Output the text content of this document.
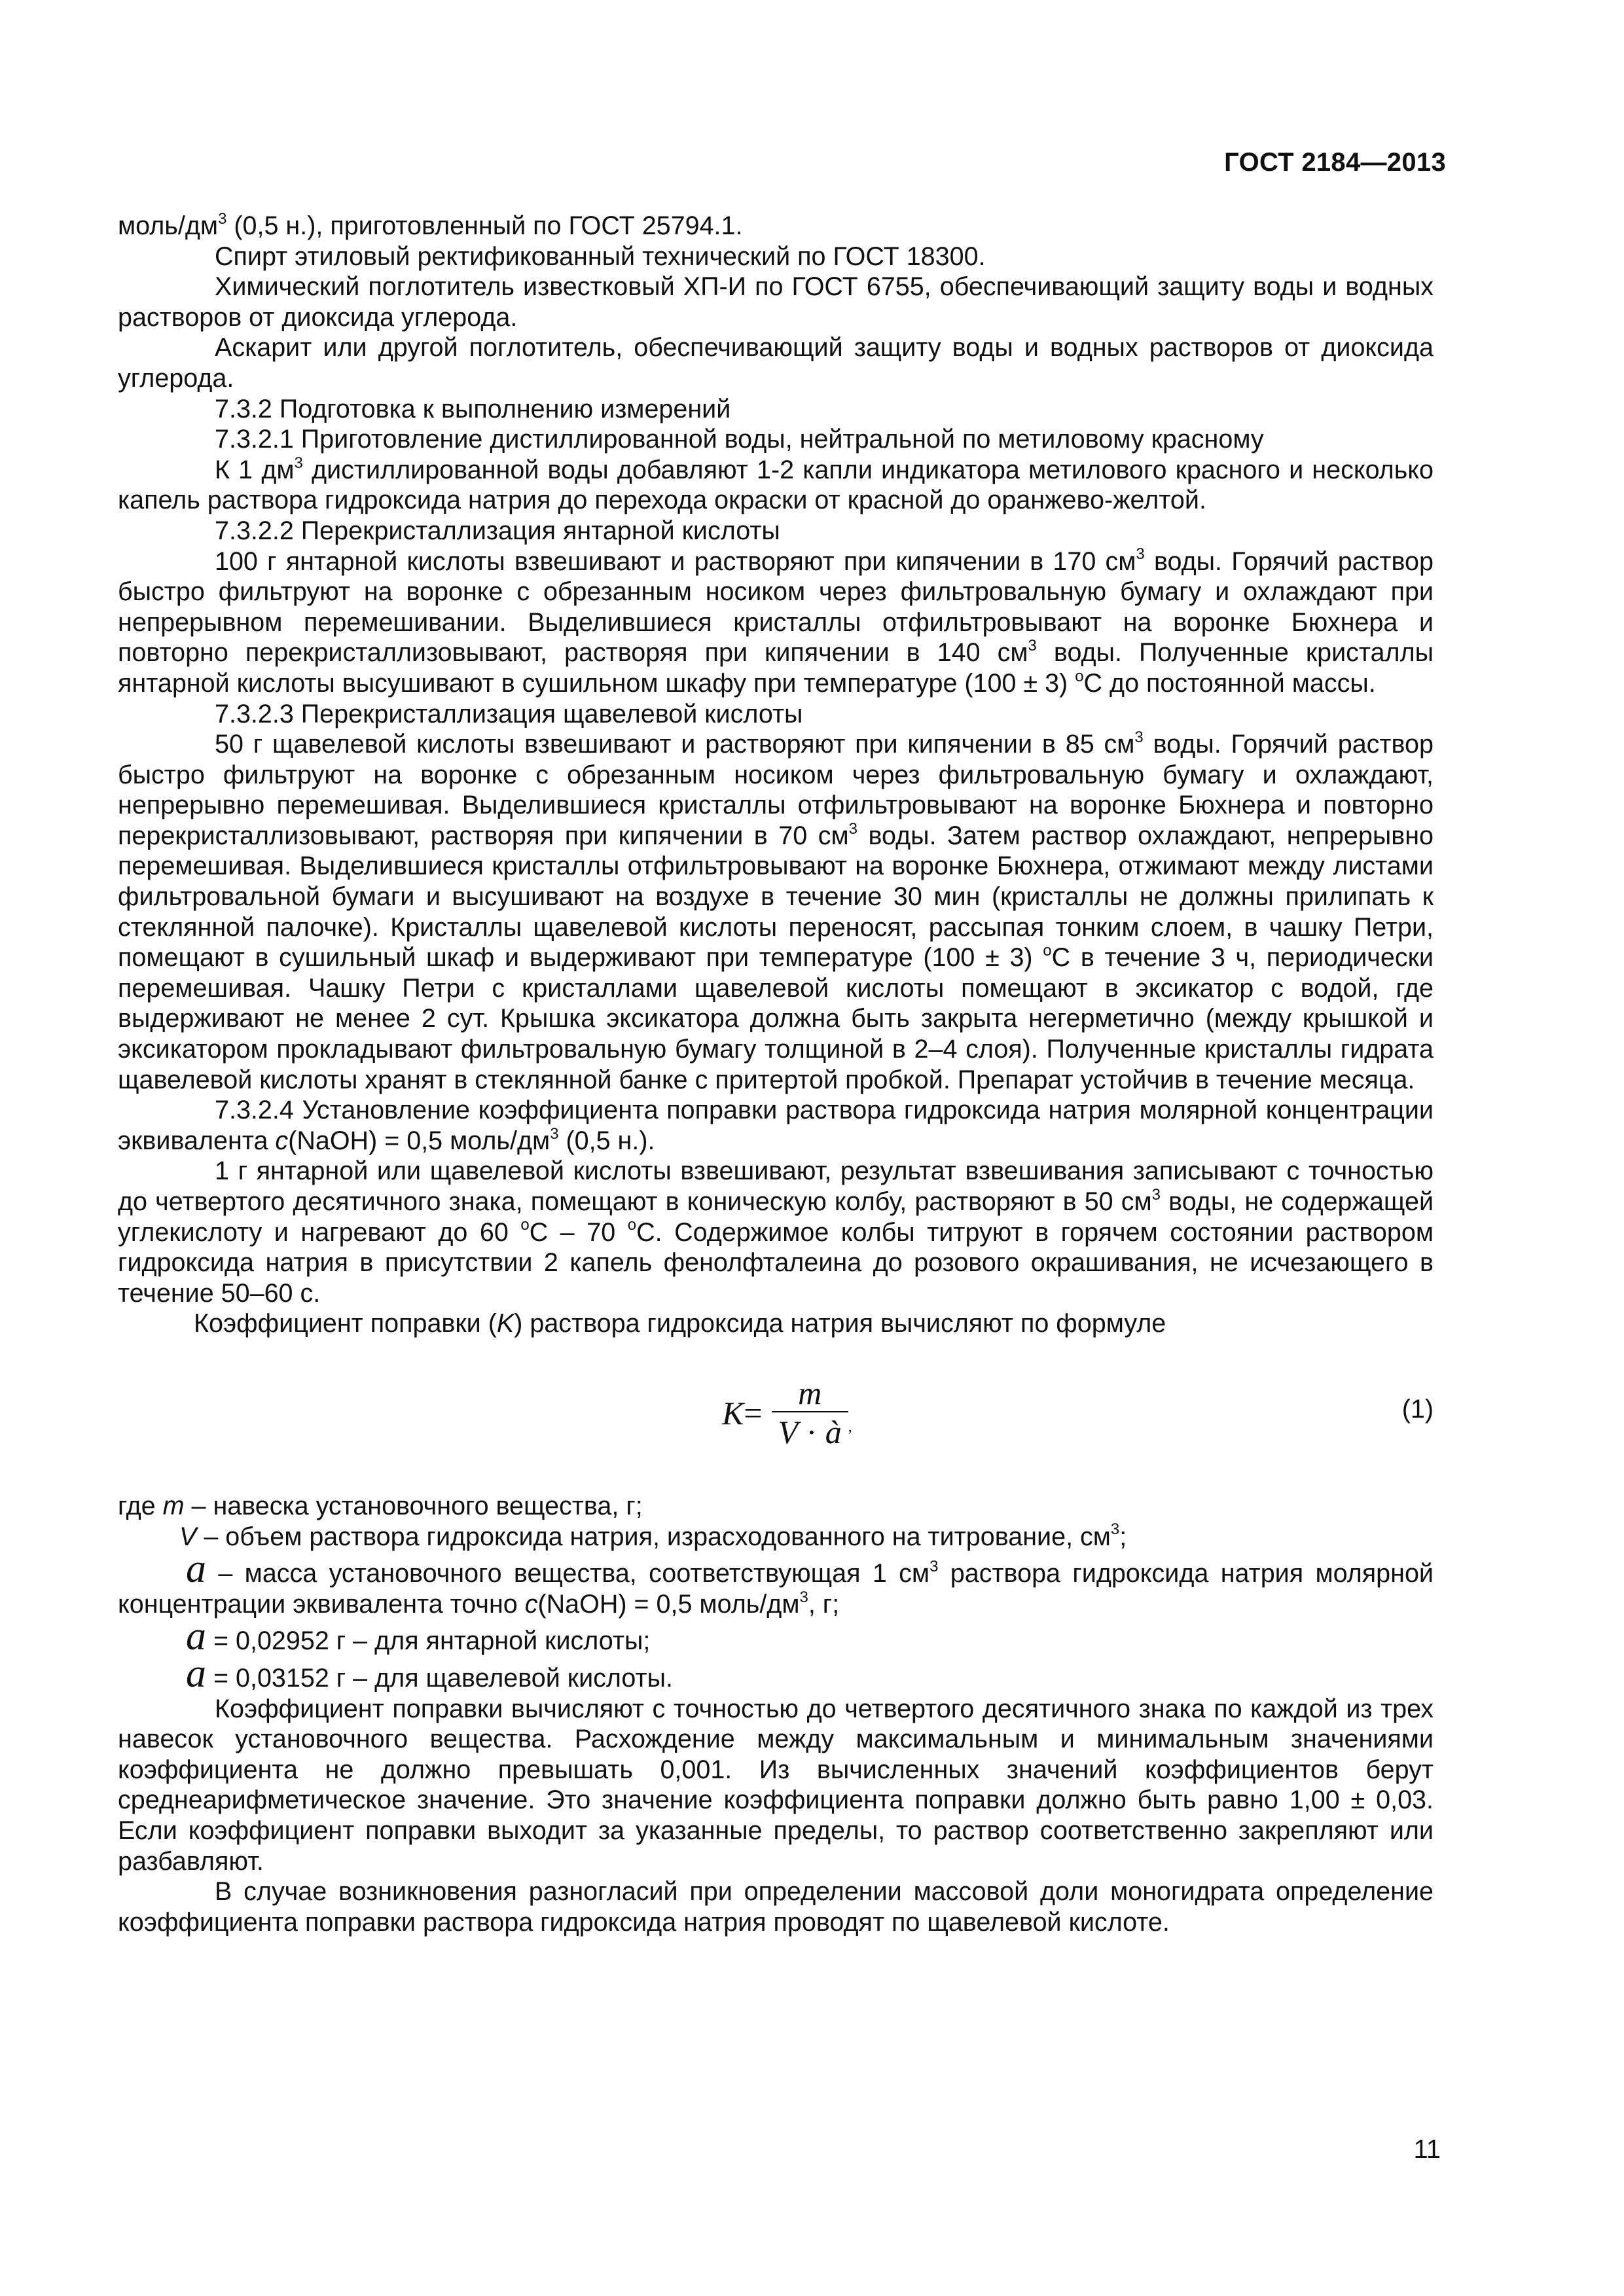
ГОСТ 2184—2013

моль/$дм^3$ (0,5 н.), приготовленный по ГОСТ 25794.1.

Спирт этиловый ректификованный технический по ГОСТ 18300.

Химический поглотитель известковый ХП-И по ГОСТ 6755, обеспечивающий защиту воды и водных растворов от диоксида углерода.

Аскарит или другой поглотитель, обеспечивающий защиту воды и водных растворов от диоксида углерода.

7.3.2 Подготовка к выполнению измерений

7.3.2.1 Приготовление дистиллированной воды, нейтральной по метиловому красному

К 1 $дм^3$ дистиллированной воды добавляют 1-2 капли индикатора метилового красного и несколько капель раствора гидроксида натрия до перехода окраски от красной до оранжево-желтой.

7.3.2.2 Перекристаллизация янтарной кислоты

100 г янтарной кислоты взвешивают и растворяют при кипячении в 170 $см^3$ воды. Горячий раствор быстро фильтруют на воронке с обрезанным носиком через фильтровальную бумагу и охлаждают при непрерывном перемешивании. Выделившиеся кристаллы отфильтровывают на воронке Бюхнера и повторно перекристаллизовывают, растворяя при кипячении в 140 $см^3$ воды. Полученные кристаллы янтарной кислоты высушивают в сушильном шкафу при температуре (100 ± 3) $^o$С до постоянной массы.

7.3.2.3 Перекристаллизация щавелевой кислоты

50 г щавелевой кислоты взвешивают и растворяют при кипячении в 85 $см^3$ воды. Горячий раствор быстро фильтруют на воронке с обрезанным носиком через фильтровальную бумагу и охлаждают, непрерывно перемешивая. Выделившиеся кристаллы отфильтровывают на воронке Бюхнера и повторно перекристаллизовывают, растворяя при кипячении в 70 $см^3$ воды. Затем раствор охлаждают, непрерывно перемешивая. Выделившиеся кристаллы отфильтровывают на воронке Бюхнера, отжимают между листами фильтровальной бумаги и высушивают на воздухе в течение 30 мин (кристаллы не должны прилипать к стеклянной палочке). Кристаллы щавелевой кислоты переносят, рассыпая тонким слоем, в чашку Петри, помещают в сушильный шкаф и выдерживают при температуре (100 ± 3) $^o$С в течение 3 ч, периодически перемешивая. Чашку Петри с кристаллами щавелевой кислоты помещают в эксикатор с водой, где выдерживают не менее 2 сут. Крышка эксикатора должна быть закрыта негерметично (между крышкой и эксикатором прокладывают фильтровальную бумагу толщиной в 2–4 слоя). Полученные кристаллы гидрата щавелевой кислоты хранят в стеклянной банке с притертой пробкой. Препарат устойчив в течение месяца.

7.3.2.4 Установление коэффициента поправки раствора гидроксида натрия молярной концентрации эквивалента c(NaOH) = 0,5 моль/$дм^3$ (0,5 н.).

1 г янтарной или щавелевой кислоты взвешивают, результат взвешивания записывают с точностью до четвертого десятичного знака, помещают в коническую колбу, растворяют в 50 $см^3$ воды, не содержащей углекислоту и нагревают до 60 $^o$С – 70 $^o$С. Содержимое колбы титруют в горячем состоянии раствором гидроксида натрия в присутствии 2 капель фенолфталеина до розового окрашивания, не исчезающего в течение 50–60 с.

Коэффициент поправки (K) раствора гидроксида натрия вычисляют по формуле

$K = \frac{m}{V \cdot à}$ ,
(1)

где m – навеска установочного вещества, г;

V – объем раствора гидроксида натрия, израсходованного на титрование, $см^3$;

a – масса установочного вещества, соответствующая 1 $см^3$ раствора гидроксида натрия молярной концентрации эквивалента точно c(NaOH) = 0,5 моль/$дм^3$, г;

a = 0,02952 г – для янтарной кислоты;

a = 0,03152 г – для щавелевой кислоты.

Коэффициент поправки вычисляют с точностью до четвертого десятичного знака по каждой из трех навесок установочного вещества. Расхождение между максимальным и минимальным значениями коэффициента не должно превышать 0,001. Из вычисленных значений коэффициентов берут среднеарифметическое значение. Это значение коэффициента поправки должно быть равно 1,00 ± 0,03. Если коэффициент поправки выходит за указанные пределы, то раствор соответственно закрепляют или разбавляют.

В случае возникновения разногласий при определении массовой доли моногидрата определение коэффициента поправки раствора гидроксида натрия проводят по щавелевой кислоте.

11
